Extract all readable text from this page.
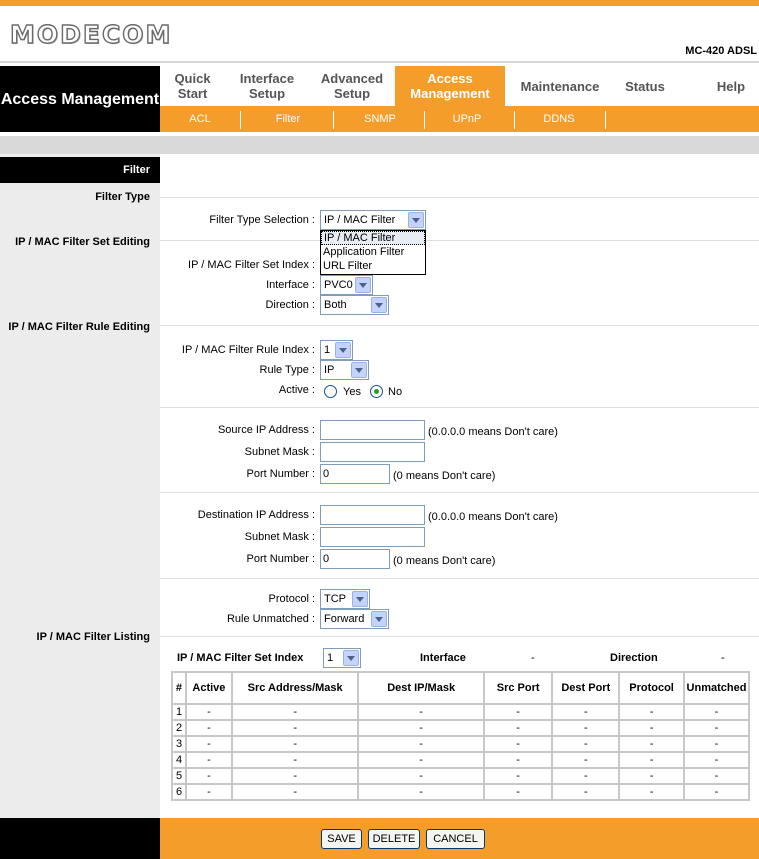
MODECOM
MC-420 ADSL
Access Management
Quick Start
Interface Setup
Advanced Setup
Access Management	Maintenance	Status	Help
ACL	Filter	SNMP	UPnP	DDNS
Filter
Filter Type
IP / MAC Filter Set Editing
IP / MAC Filter Rule Editing
IP / MAC Filter Listing
Filter Type Selection : IP / MAC Filter
IP / MAC Filter
Application Filter
URL Filter
IP / MAC Filter Set Index :
Interface : PVC0
Direction : Both
IP / MAC Filter Rule Index : 1
Rule Type : IP
Active :	Yes No
Source IP Address :	(0.0.0.0 means Don't care)
Subnet Mask :
Port Number : 0	(0 means Don't care)
Destination IP Address :	(0.0.0.0 means Don't care)
Subnet Mask :
Port Number : 0	(0 means Don't care)
Protocol : TCP
Rule Unmatched : Forward
IP / MAC Filter Set Index	1	Interface	-	Direction	-
#	Active	Src Address/Mask	Dest IP/Mask	Src Port	Dest Port	Protocol	Unmatched
1	-	-	-	-	-	-	-
2	-	-	-	-	-	-	-
3	-	-	-	-	-	-	-
4	-	-	-	-	-	-	-
5	-	-	-	-	-	-	-
6	-	-	-	-	-	-	-
SAVE	DELETE	CANCEL
